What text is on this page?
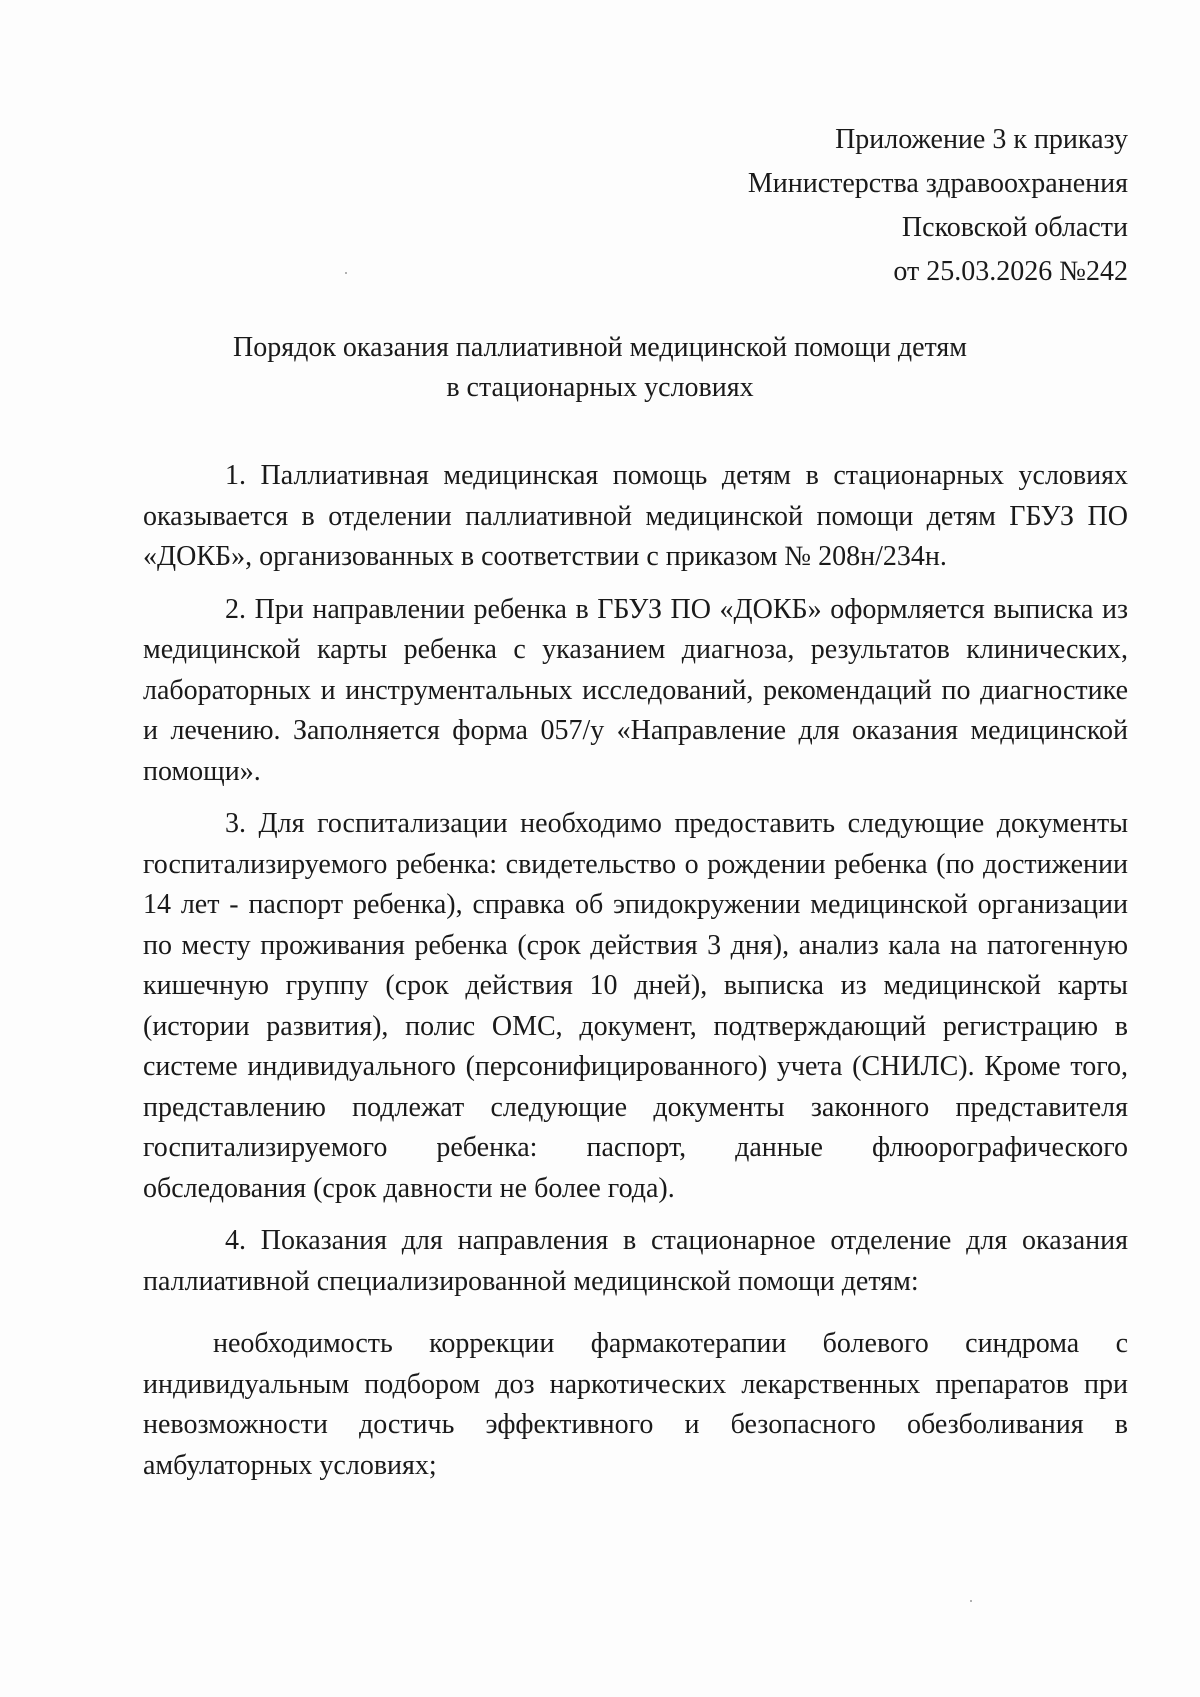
Приложение 3 к приказу
Министерства здравоохранения
Псковской области
от 25.03.2026 №242
Порядок оказания паллиативной медицинской помощи детям
в стационарных условиях

1. Паллиативная медицинская помощь детям в стационарных условиях оказывается в отделении паллиативной медицинской помощи детям ГБУЗ ПО «ДОКБ», организованных в соответствии с приказом № 208н/234н.

2. При направлении ребенка в ГБУЗ ПО «ДОКБ» оформляется выписка из медицинской карты ребенка с указанием диагноза, результатов клинических, лабораторных и инструментальных исследований, рекомендаций по диагностике и лечению. Заполняется форма 057/у «Направление для оказания медицинской помощи».

3. Для госпитализации необходимо предоставить следующие документы госпитализируемого ребенка: свидетельство о рождении ребенка (по достижении 14 лет - паспорт ребенка), справка об эпидокружении медицинской организации по месту проживания ребенка (срок действия 3 дня), анализ кала на патогенную кишечную группу (срок действия 10 дней), выписка из медицинской карты (истории развития), полис ОМС, документ, подтверждающий регистрацию в системе индивидуального (персонифицированного) учета (СНИЛС). Кроме того, представлению подлежат следующие документы законного представителя госпитализируемого ребенка: паспорт, данные флюорографического обследования (срок давности не более года).

4. Показания для направления в стационарное отделение для оказания паллиативной специализированной медицинской помощи детям:

необходимость коррекции фармакотерапии болевого синдрома с индивидуальным подбором доз наркотических лекарственных препаратов при невозможности достичь эффективного и безопасного обезболивания в амбулаторных условиях;
